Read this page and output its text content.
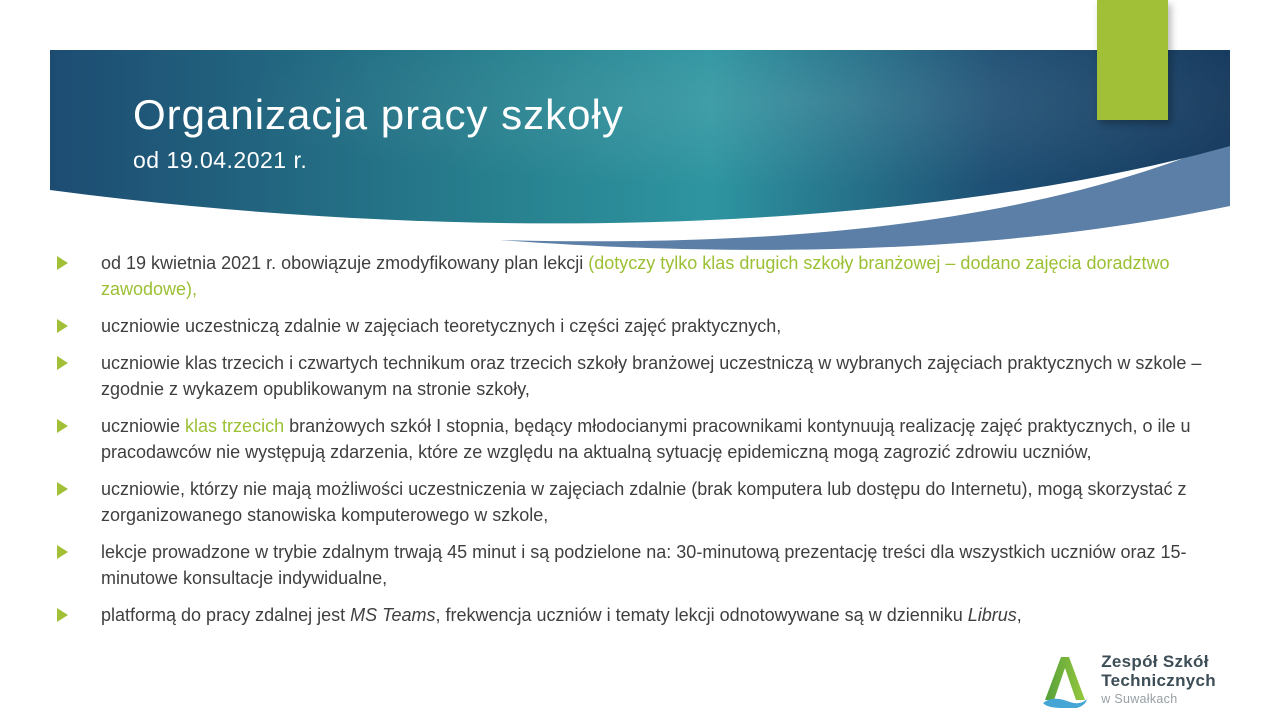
Organizacja pracy szkoły
od 19.04.2021 r.
od 19 kwietnia 2021 r. obowiązuje zmodyfikowany plan lekcji (dotyczy tylko klas drugich szkoły branżowej – dodano zajęcia doradztwo zawodowe),
uczniowie uczestniczą zdalnie w zajęciach teoretycznych i części zajęć praktycznych,
uczniowie klas trzecich i czwartych technikum oraz trzecich szkoły branżowej uczestniczą w wybranych zajęciach praktycznych w szkole – zgodnie z wykazem opublikowanym na stronie szkoły,
uczniowie klas trzecich branżowych szkół I stopnia, będący młodocianymi pracownikami kontynuują realizację zajęć praktycznych, o ile u pracodawców nie występują zdarzenia, które ze względu na aktualną sytuację epidemiczną mogą zagrozić zdrowiu uczniów,
uczniowie, którzy nie mają możliwości uczestniczenia w zajęciach zdalnie (brak komputera lub dostępu do Internetu), mogą skorzystać z zorganizowanego stanowiska komputerowego w szkole,
lekcje prowadzone w trybie zdalnym trwają 45 minut i są podzielone na: 30-minutową prezentację treści dla wszystkich uczniów oraz 15-minutowe konsultacje indywidualne,
platformą do pracy zdalnej jest MS Teams, frekwencja uczniów i tematy lekcji odnotowywane są w dzienniku Librus,
Zespół Szkół
Technicznych
w Suwałkach
